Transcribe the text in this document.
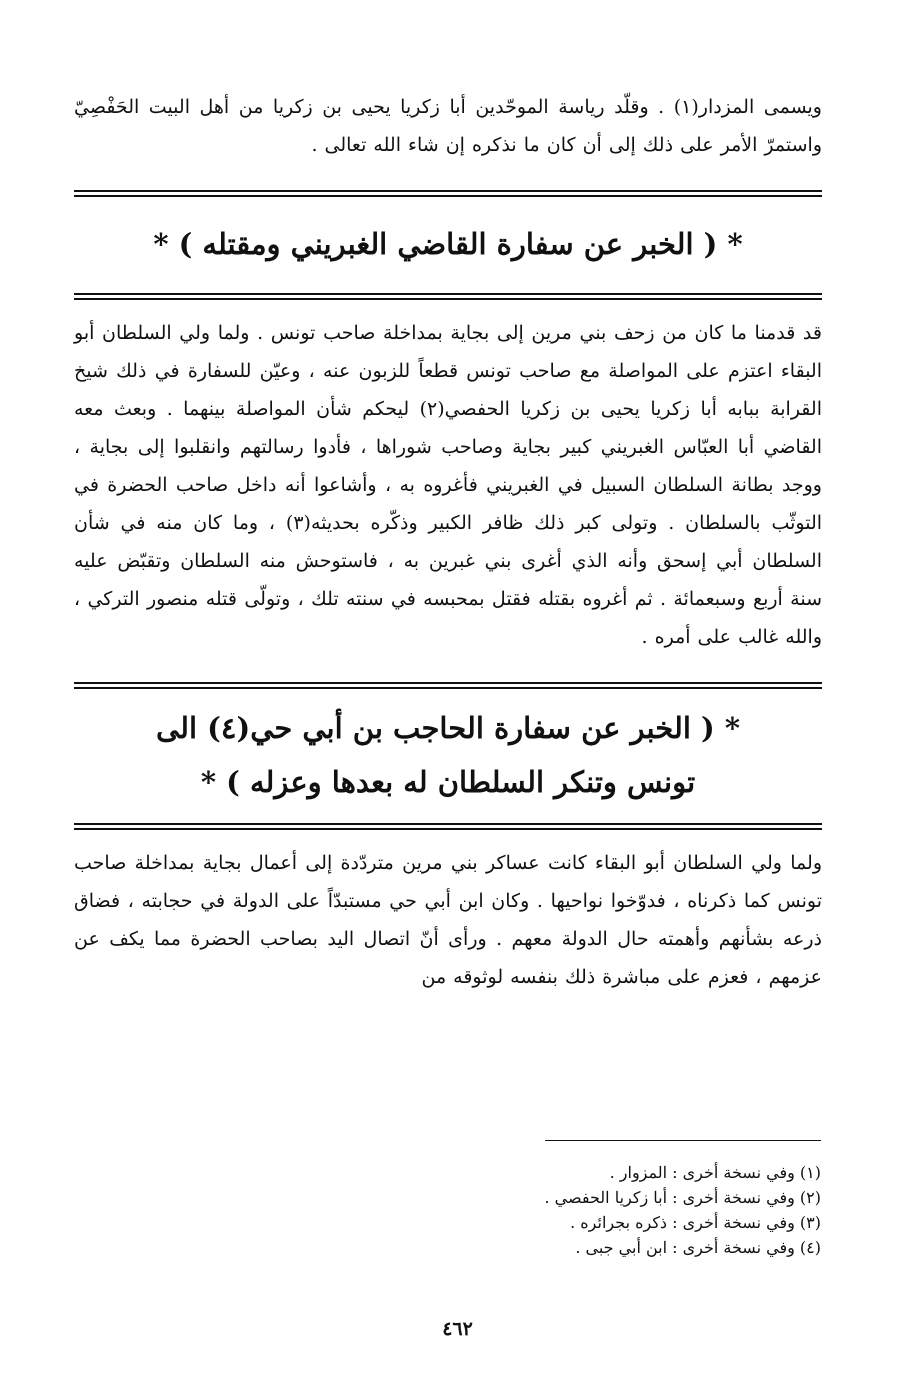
ويسمى المزدار(١) . وقلّد رياسة الموحّدين أبا زكريا يحيى بن زكريا من أهل البيت الحَفْصِيّ واستمرّ الأمر على ذلك إلى أن كان ما نذكره إن شاء الله تعالى .

* ( الخبر عن سفارة القاضي الغبريني ومقتله ) *

قد قدمنا ما كان من زحف بني مرين إلى بجاية بمداخلة صاحب تونس . ولما ولي السلطان أبو البقاء اعتزم على المواصلة مع صاحب تونس قطعاً للزبون عنه ، وعيّن للسفارة في ذلك شيخ القرابة ببابه أبا زكريا يحيى بن زكريا الحفصي(٢) ليحكم شأن المواصلة بينهما . وبعث معه القاضي أبا العبّاس الغبريني كبير بجاية وصاحب شوراها ، فأدوا رسالتهم وانقلبوا إلى بجاية ، ووجد بطانة السلطان السبيل في الغبريني فأغروه به ، وأشاعوا أنه داخل صاحب الحضرة في التوثّب بالسلطان . وتولى كبر ذلك ظافر الكبير وذكّره بحديثه(٣) ، وما كان منه في شأن السلطان أبي إسحق وأنه الذي أغرى بني غبرين به ، فاستوحش منه السلطان وتقبّض عليه سنة أربع وسبعمائة . ثم أغروه بقتله فقتل بمحبسه في سنته تلك ، وتولّى قتله منصور التركي ، والله غالب على أمره .

* ( الخبر عن سفارة الحاجب بن أبي حي(٤) الى
تونس وتنكر السلطان له بعدها وعزله ) *

ولما ولي السلطان أبو البقاء كانت عساكر بني مرين متردّدة إلى أعمال بجاية بمداخلة صاحب تونس كما ذكرناه ، فدوّخوا نواحيها . وكان ابن أبي حي مستبدّاً على الدولة في حجابته ، فضاق ذرعه بشأنهم وأهمته حال الدولة معهم . ورأى أنّ اتصال اليد بصاحب الحضرة مما يكف عن عزمهم ، فعزم على مباشرة ذلك بنفسه لوثوقه من

(١) وفي نسخة أخرى : المزوار .

(٢) وفي نسخة أخرى : أبا زكريا الحفصي .

(٣) وفي نسخة أخرى : ذكره بجرائره .

(٤) وفي نسخة أخرى : ابن أبي جبى .

٤٦٢
